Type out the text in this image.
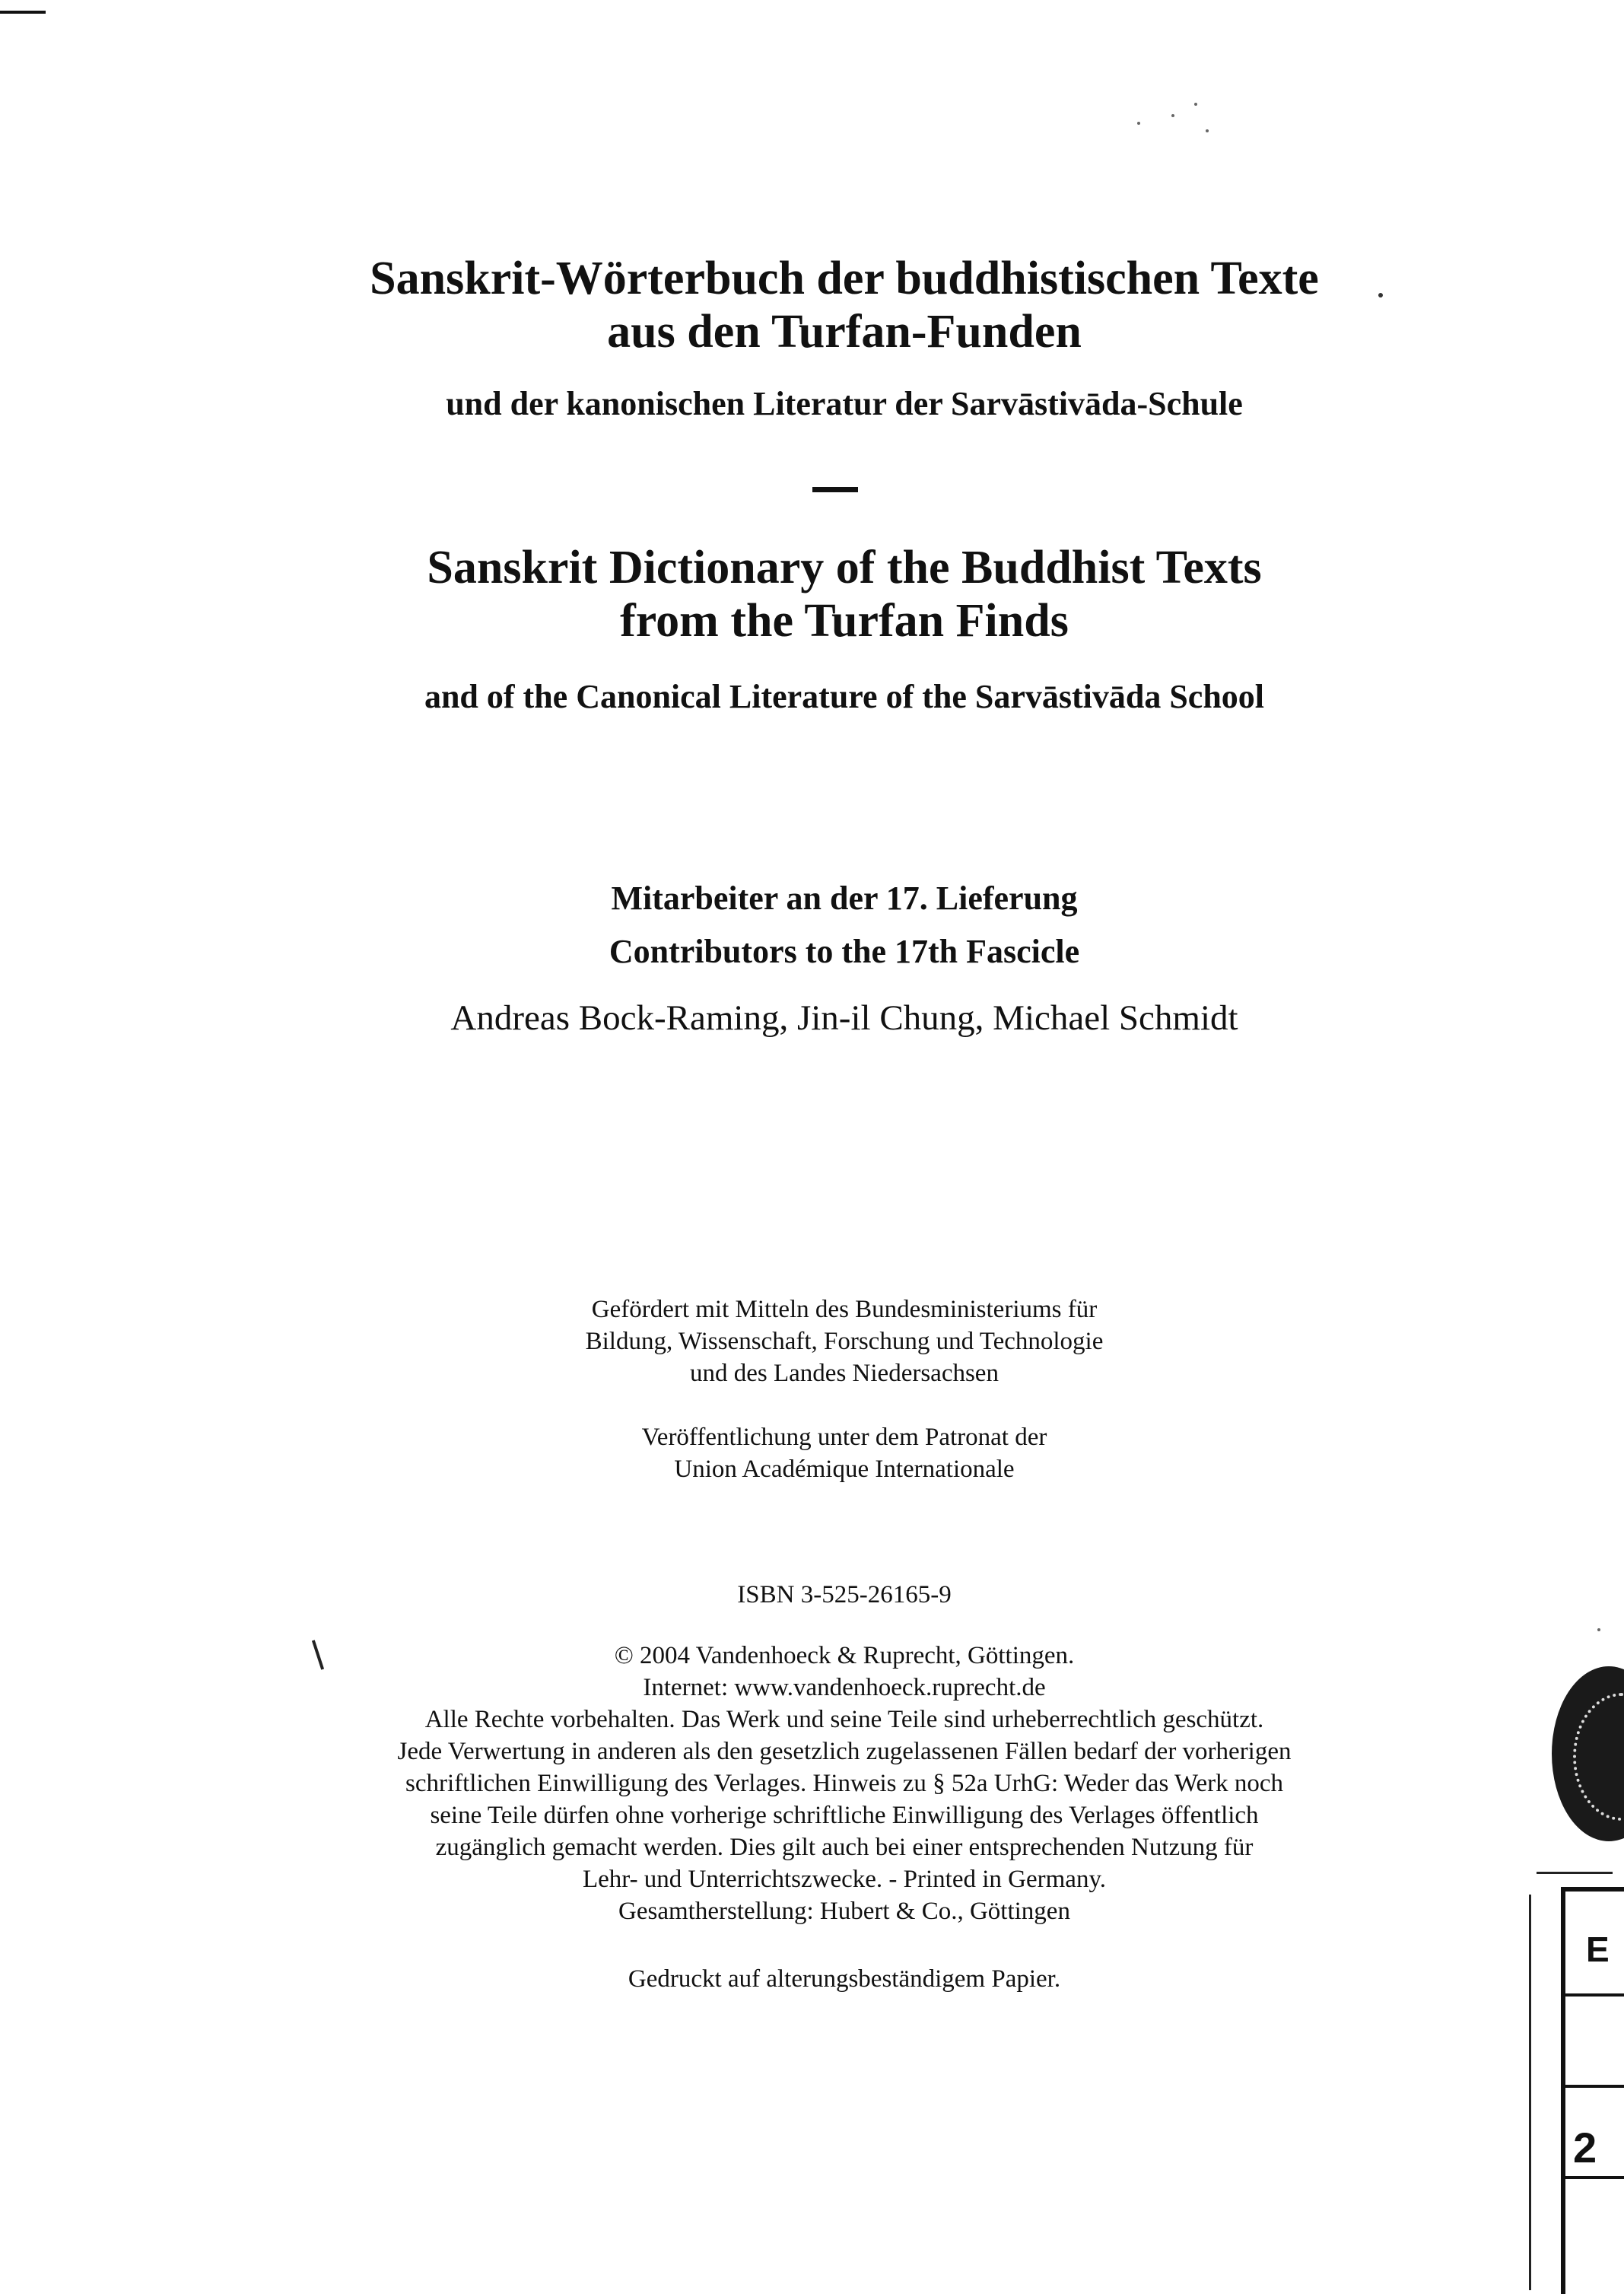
Sanskrit-Wörterbuch der buddhistischen Texte
aus den Turfan-Funden
und der kanonischen Literatur der Sarvāstivāda-Schule
Sanskrit Dictionary of the Buddhist Texts
from the Turfan Finds
and of the Canonical Literature of the Sarvāstivāda School
Mitarbeiter an der 17. Lieferung
Contributors to the 17th Fascicle
Andreas Bock-Raming, Jin-il Chung, Michael Schmidt
Gefördert mit Mitteln des Bundesministeriums für
Bildung, Wissenschaft, Forschung und Technologie
und des Landes Niedersachsen
Veröffentlichung unter dem Patronat der
Union Académique Internationale
ISBN 3-525-26165-9
© 2004 Vandenhoeck & Ruprecht, Göttingen.
Internet: www.vandenhoeck.ruprecht.de
Alle Rechte vorbehalten. Das Werk und seine Teile sind urheberrechtlich geschützt.
Jede Verwertung in anderen als den gesetzlich zugelassenen Fällen bedarf der vorherigen
schriftlichen Einwilligung des Verlages. Hinweis zu § 52a UrhG: Weder das Werk noch
seine Teile dürfen ohne vorherige schriftliche Einwilligung des Verlages öffentlich
zugänglich gemacht werden. Dies gilt auch bei einer entsprechenden Nutzung für
Lehr- und Unterrichtszwecke. - Printed in Germany.
Gesamtherstellung: Hubert & Co., Göttingen
Gedruckt auf alterungsbeständigem Papier.
E
2
